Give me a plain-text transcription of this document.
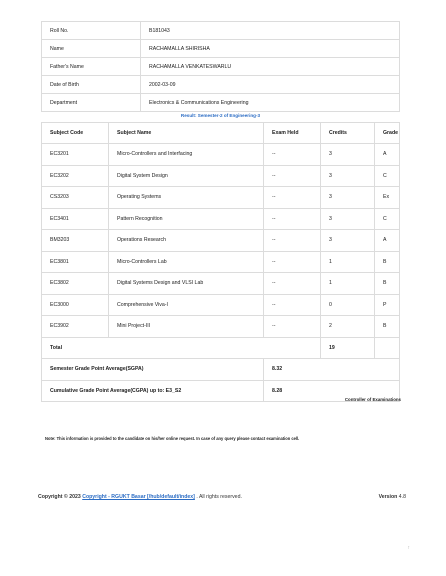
Roll No.	B181043
Name	RACHAMALLA SHIRISHA
Father's Name	RACHAMALLA VENKATESWARLU
Date of Birth	2002-03-09
Department	Electronics & Communications Engineering
Result: Semester-2 of Engineering-3
Subject Code	Subject Name	Exam Held	Credits	Grade
EC3201	Micro-Controllers and Interfacing	--	3	A
EC3202	Digital System Design	--	3	C
CS3203	Operating Systems	--	3	Ex
EC3401	Pattern Recognition	--	3	C
BM3203	Operations Research	--	3	A
EC3801	Micro-Controllers Lab	--	1	B
EC3802	Digital Systems Design and VLSI Lab	--	1	B
EC3000	Comprehensive Viva-I	--	0	P
EC3902	Mini Project-III	--	2	B
Total			19	
Semester Grade Point Average(SGPA)		8.32		
Cumulative Grade Point Average(CGPA) up to: E3_S2		8.28		
Controller of Examinations
Note: This information is provided to the candidate on his/her online request. In case of any query please contact examination cell.
Copyright © 2023 Copyright - RGUKT Basar [/hub/default/index] . All rights reserved.	Version 4.8
↑
